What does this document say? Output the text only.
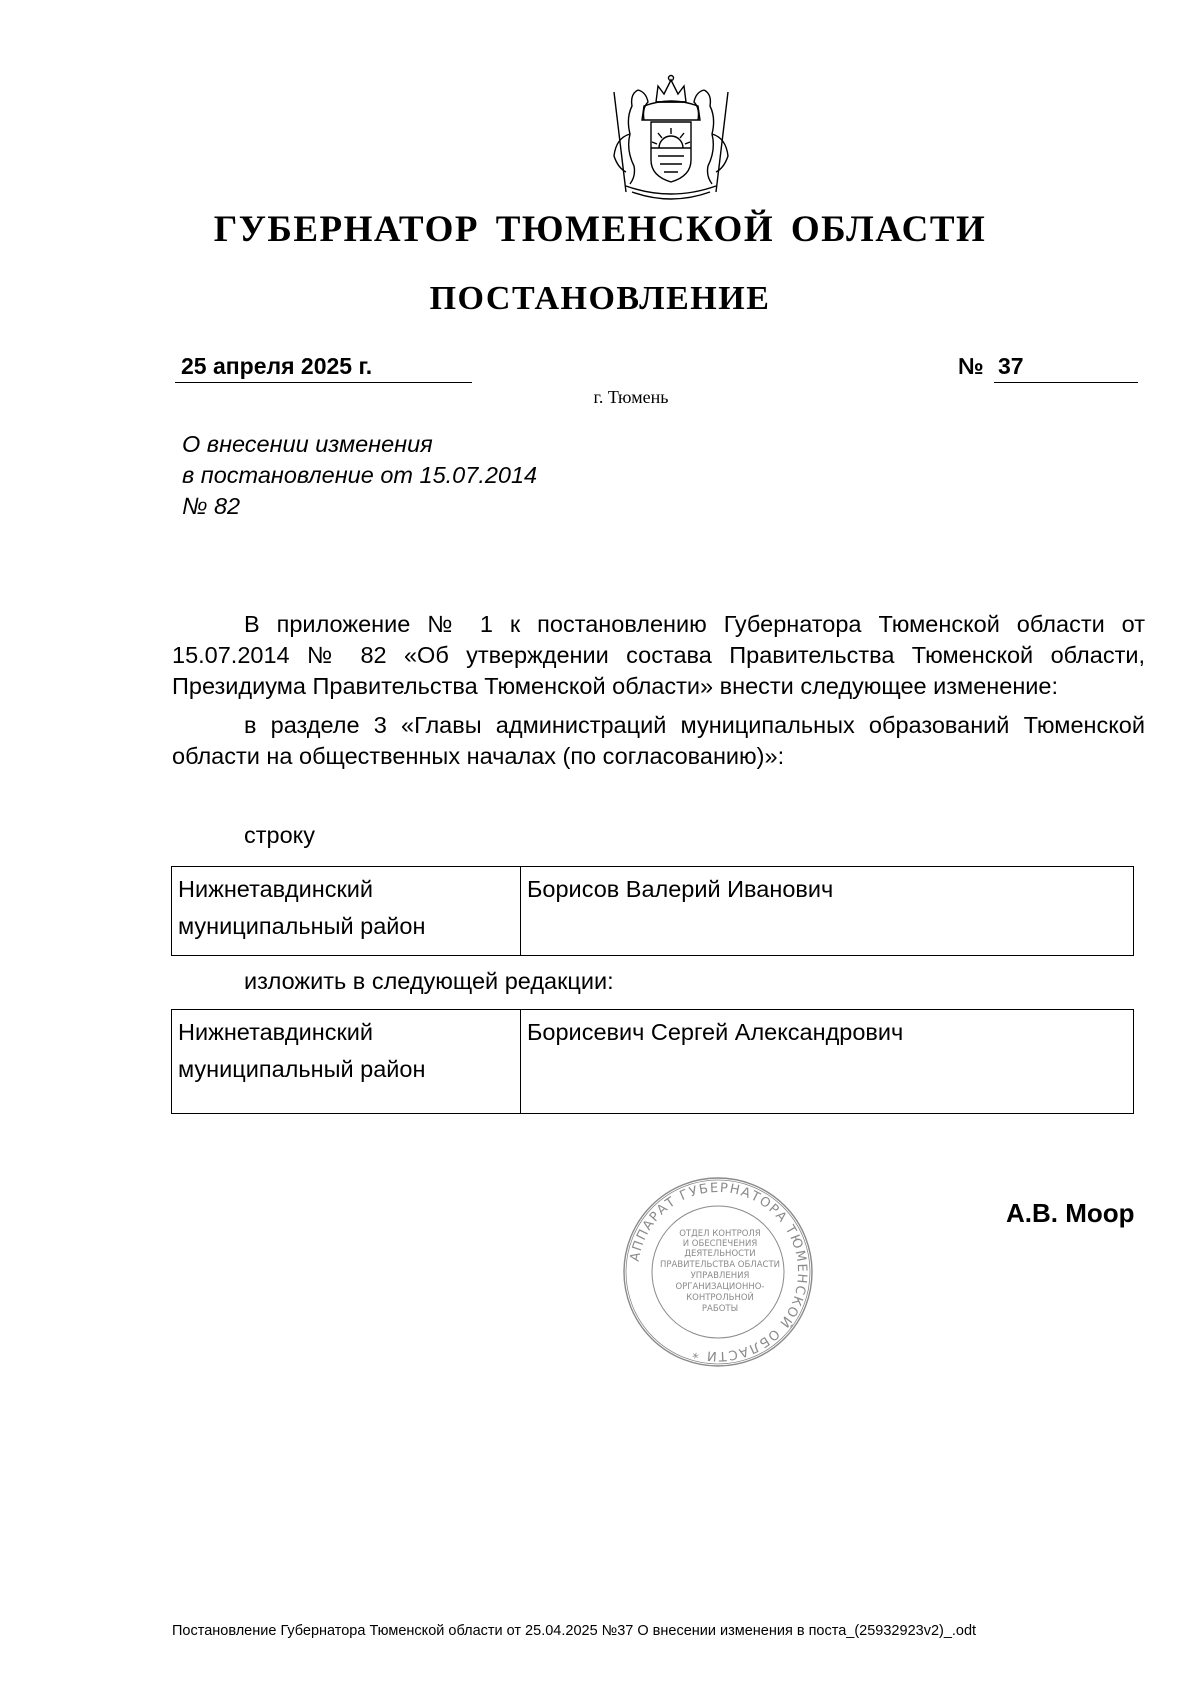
ГУБЕРНАТОР ТЮМЕНСКОЙ ОБЛАСТИ
ПОСТАНОВЛЕНИЕ
25 апреля 2025 г.	№ 37
г. Тюмень
О внесении изменения
в постановление от 15.07.2014
№ 82

В приложение № 1 к постановлению Губернатора Тюменской области от 15.07.2014 № 82 «Об утверждении состава Правительства Тюменской области, Президиума Правительства Тюменской области» внести следующее изменение:

в разделе 3 «Главы администраций муниципальных образований Тюменской области на общественных началах (по согласованию)»:

строку
Нижнетавдинский муниципальный район	Борисов Валерий Иванович
изложить в следующей редакции:
Нижнетавдинский муниципальный район	Борисевич Сергей Александрович
АППАРАТ ГУБЕРНАТОРА ТЮМЕНСКОЙ ОБЛАСТИ *
ОТДЕЛ КОНТРОЛЯ
И ОБЕСПЕЧЕНИЯ
ДЕЯТЕЛЬНОСТИ
ПРАВИТЕЛЬСТВА ОБЛАСТИ
УПРАВЛЕНИЯ
ОРГАНИЗАЦИОННО-
КОНТРОЛЬНОЙ
РАБОТЫ
А.В. Моор
Постановление Губернатора Тюменской области от 25.04.2025 №37 О внесении изменения в поста_(25932923v2)_.odt
